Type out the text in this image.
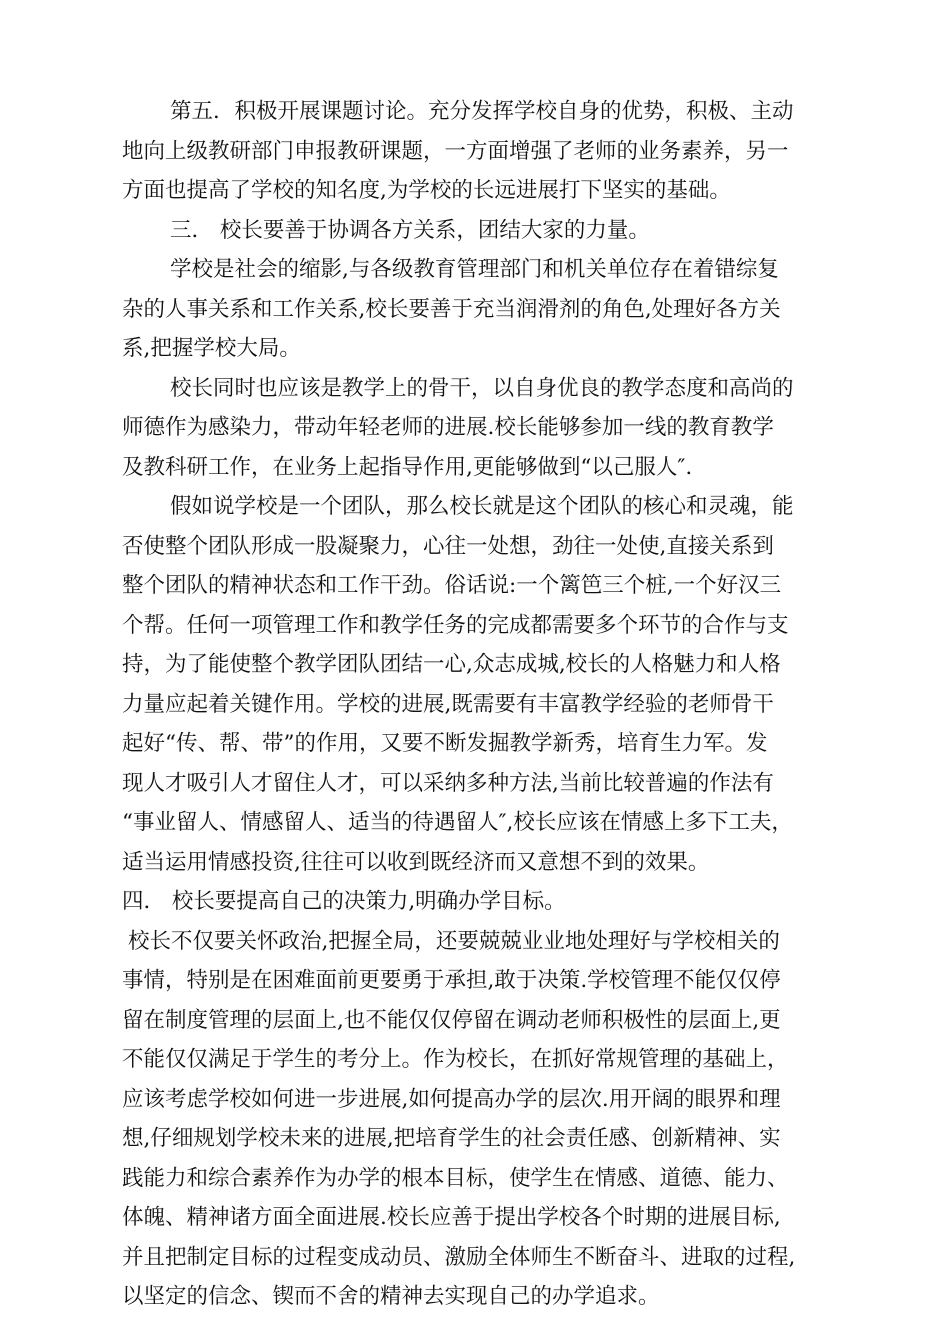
第五．积极开展课题讨论。充分发挥学校自身的优势，积极、主动
地向上级教研部门申报教研课题，一方面增强了老师的业务素养，另一
方面也提高了学校的知名度,为学校的长远进展打下坚实的基础。
三． 校长要善于协调各方关系，团结大家的力量。
学校是社会的缩影,与各级教育管理部门和机关单位存在着错综复
杂的人事关系和工作关系,校长要善于充当润滑剂的角色,处理好各方关
系,把握学校大局。
校长同时也应该是教学上的骨干，以自身优良的教学态度和高尚的
师德作为感染力，带动年轻老师的进展.校长能够参加一线的教育教学
及教科研工作，在业务上起指导作用,更能够做到“以己服人″.
假如说学校是一个团队，那么校长就是这个团队的核心和灵魂，能
否使整个团队形成一股凝聚力，心往一处想，劲往一处使,直接关系到
整个团队的精神状态和工作干劲。俗话说:一个篱笆三个桩,一个好汉三
个帮。任何一项管理工作和教学任务的完成都需要多个环节的合作与支
持，为了能使整个教学团队团结一心,众志成城,校长的人格魅力和人格
力量应起着关键作用。学校的进展,既需要有丰富教学经验的老师骨干
起好“传、帮、带”的作用，又要不断发掘教学新秀，培育生力军。发
现人才吸引人才留住人才，可以采纳多种方法,当前比较普遍的作法有
“事业留人、情感留人、适当的待遇留人″,校长应该在情感上多下工夫，
适当运用情感投资,往往可以收到既经济而又意想不到的效果。
四． 校长要提高自己的决策力,明确办学目标。
校长不仅要关怀政治,把握全局，还要兢兢业业地处理好与学校相关的
事情，特别是在困难面前更要勇于承担,敢于决策.学校管理不能仅仅停
留在制度管理的层面上,也不能仅仅停留在调动老师积极性的层面上,更
不能仅仅满足于学生的考分上。作为校长，在抓好常规管理的基础上，
应该考虑学校如何进一步进展,如何提高办学的层次.用开阔的眼界和理
想,仔细规划学校未来的进展,把培育学生的社会责任感、创新精神、实
践能力和综合素养作为办学的根本目标，使学生在情感、道德、能力、
体魄、精神诸方面全面进展.校长应善于提出学校各个时期的进展目标,
并且把制定目标的过程变成动员、激励全体师生不断奋斗、进取的过程,
以坚定的信念、锲而不舍的精神去实现自己的办学追求。
